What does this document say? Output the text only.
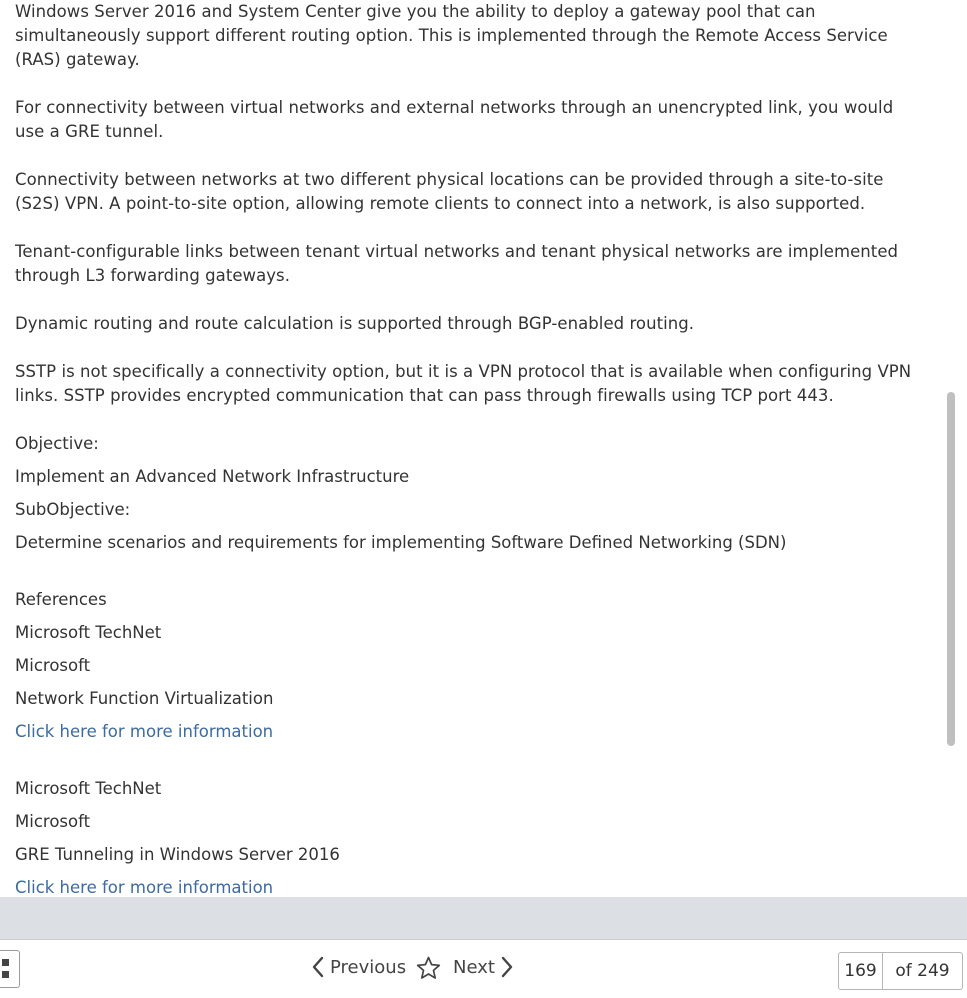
Windows Server 2016 and System Center give you the ability to deploy a gateway pool that can simultaneously support different routing option. This is implemented through the Remote Access Service (RAS) gateway.

For connectivity between virtual networks and external networks through an unencrypted link, you would use a GRE tunnel.

Connectivity between networks at two different physical locations can be provided through a site-to-site (S2S) VPN. A point-to-site option, allowing remote clients to connect into a network, is also supported.

Tenant-configurable links between tenant virtual networks and tenant physical networks are implemented through L3 forwarding gateways.

Dynamic routing and route calculation is supported through BGP-enabled routing.

SSTP is not specifically a connectivity option, but it is a VPN protocol that is available when configuring VPN links. SSTP provides encrypted communication that can pass through firewalls using TCP port 443.

Objective:
Implement an Advanced Network Infrastructure
SubObjective:
Determine scenarios and requirements for implementing Software Defined Networking (SDN)
References
Microsoft TechNet
Microsoft
Network Function Virtualization
Click here for more information
Microsoft TechNet
Microsoft
GRE Tunneling in Windows Server 2016
Click here for more information
Previous	Next
169	of 249
